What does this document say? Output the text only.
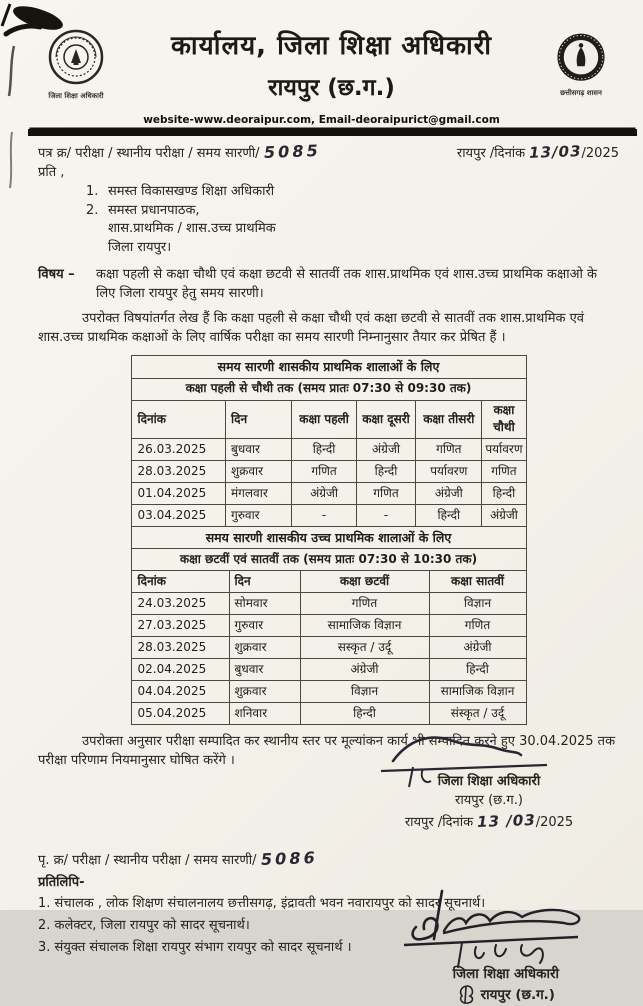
जिला शिक्षा अधिकारी
कार्यालय, जिला शिक्षा अधिकारी
रायपुर (छ.ग.)	छत्तीसगढ़ शासन
website-www.deoraipur.com, Email-deoraipurict@gmail.com
पत्र क्र/ परीक्षा / स्थानीय परीक्षा / समय सारणी/ 5085	रायपुर /दिनांक 13/03/2025
प्रति ,
1. समस्त विकासखण्ड शिक्षा अधिकारी
2. समस्त प्रधानपाठक,
शास.प्राथमिक / शास.उच्च प्राथमिक
जिला रायपुर।
विषय –	कक्षा पहली से कक्षा चौथी एवं कक्षा छटवी से सातवीं तक शास.प्राथमिक एवं शास.उच्च प्राथमिक कक्षाओ के लिए जिला रायपुर हेतु समय सारणी।
उपरोक्त विषयांतर्गत लेख हैं कि कक्षा पहली से कक्षा चौथी एवं कक्षा छटवी से सातवीं तक शास.प्राथमिक एवं शास.उच्च प्राथमिक कक्षाओं के लिए वार्षिक परीक्षा का समय सारणी निम्नानुसार तैयार कर प्रेषित हैं ।
समय सारणी शासकीय प्राथमिक शालाओं के लिए					
कक्षा पहली से चौथी तक (समय प्रातः 07:30 से 09:30 तक)					
दिनांक	दिन	कक्षा पहली	कक्षा दूसरी	कक्षा तीसरी	कक्षा चौथी
26.03.2025	बुधवार	हिन्दी	अंग्रेजी	गणित	पर्यावरण
28.03.2025	शुक्रवार	गणित	हिन्दी	पर्यावरण	गणित
01.04.2025	मंगलवार	अंग्रेजी	गणित	अंग्रेजी	हिन्दी
03.04.2025	गुरुवार	-	-	हिन्दी	अंग्रेजी
समय सारणी शासकीय उच्च प्राथमिक शालाओं के लिए			
कक्षा छटवीं एवं सातवीं तक (समय प्रातः 07:30 से 10:30 तक)			
दिनांक	दिन	कक्षा छटवीं	कक्षा सातवीं
24.03.2025	सोमवार	गणित	विज्ञान
27.03.2025	गुरुवार	सामाजिक विज्ञान	गणित
28.03.2025	शुक्रवार	सस्कृत / उर्दू	अंग्रेजी
02.04.2025	बुधवार	अंग्रेजी	हिन्दी
04.04.2025	शुक्रवार	विज्ञान	सामाजिक विज्ञान
05.04.2025	शनिवार	हिन्दी	संस्कृत / उर्दू
उपरोक्ता अनुसार परीक्षा सम्पादित कर स्थानीय स्तर पर मूल्यांकन कार्य भी सम्पादित करने हुए 30.04.2025 तक परीक्षा परिणाम नियमानुसार घोषित करेंगे ।
जिला शिक्षा अधिकारी
रायपुर (छ.ग.)
रायपुर /दिनांक 13 /03/2025
पृ. क्र/ परीक्षा / स्थानीय परीक्षा / समय सारणी/ 5086
प्रतिलिपि-
1. संचालक , लोक शिक्षण संचालनालय छत्तीसगढ़, इंद्रावती भवन नवारायपुर को सादर सूचनार्थ।
2. कलेक्टर, जिला रायपुर को सादर सूचनार्थ।
3. संयुक्त संचालक शिक्षा रायपुर संभाग रायपुर को सादर सूचनार्थ ।
जिला शिक्षा अधिकारी
रायपुर (छ.ग.)
